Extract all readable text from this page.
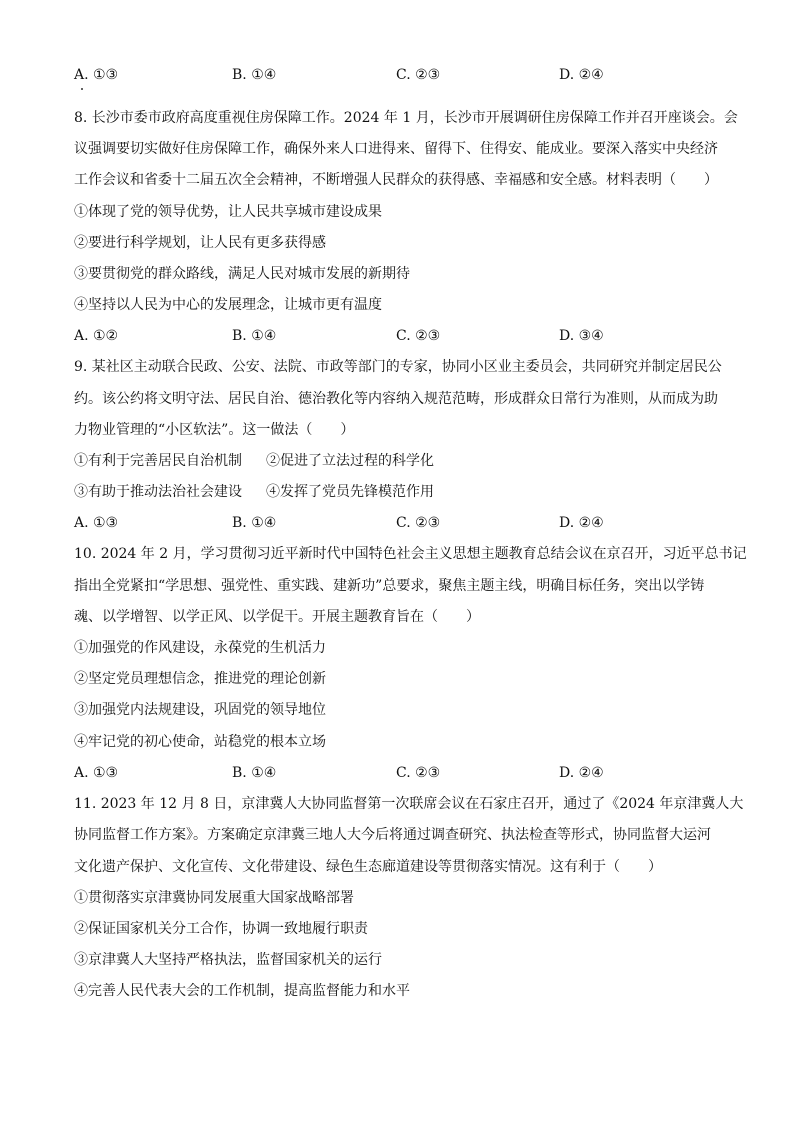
A. ①③	B. ①④	C. ②③	D. ②④
8. 长沙市委市政府高度重视住房保障工作。2024 年 1 月，长沙市开展调研住房保障工作并召开座谈会。会
议强调要切实做好住房保障工作，确保外来人口进得来、留得下、住得安、能成业。要深入落实中央经济
工作会议和省委十二届五次全会精神，不断增强人民群众的获得感、幸福感和安全感。材料表明（　　）
①体现了党的领导优势，让人民共享城市建设成果
②要进行科学规划，让人民有更多获得感
③要贯彻党的群众路线，满足人民对城市发展的新期待
④坚持以人民为中心的发展理念，让城市更有温度
A. ①②	B. ①④	C. ②③	D. ③④
9. 某社区主动联合民政、公安、法院、市政等部门的专家，协同小区业主委员会，共同研究并制定居民公
约。该公约将文明守法、居民自治、德治教化等内容纳入规范范畴，形成群众日常行为准则，从而成为助
力物业管理的“小区软法”。这一做法（　　）
①有利于完善居民自治机制 ②促进了立法过程的科学化
③有助于推动法治社会建设 ④发挥了党员先锋模范作用
A. ①③	B. ①④	C. ②③	D. ②④
10. 2024 年 2 月，学习贯彻习近平新时代中国特色社会主义思想主题教育总结会议在京召开，习近平总书记
指出全党紧扣“学思想、强党性、重实践、建新功”总要求，聚焦主题主线，明确目标任务，突出以学铸
魂、以学增智、以学正风、以学促干。开展主题教育旨在（　　）
①加强党的作风建设，永葆党的生机活力
②坚定党员理想信念，推进党的理论创新
③加强党内法规建设，巩固党的领导地位
④牢记党的初心使命，站稳党的根本立场
A. ①③	B. ①④	C. ②③	D. ②④
11. 2023 年 12 月 8 日，京津冀人大协同监督第一次联席会议在石家庄召开，通过了《2024 年京津冀人大
协同监督工作方案》。方案确定京津冀三地人大今后将通过调查研究、执法检查等形式，协同监督大运河
文化遗产保护、文化宣传、文化带建设、绿色生态廊道建设等贯彻落实情况。这有利于（　　）
①贯彻落实京津冀协同发展重大国家战略部署
②保证国家机关分工合作，协调一致地履行职责
③京津冀人大坚持严格执法，监督国家机关的运行
④完善人民代表大会的工作机制，提高监督能力和水平
